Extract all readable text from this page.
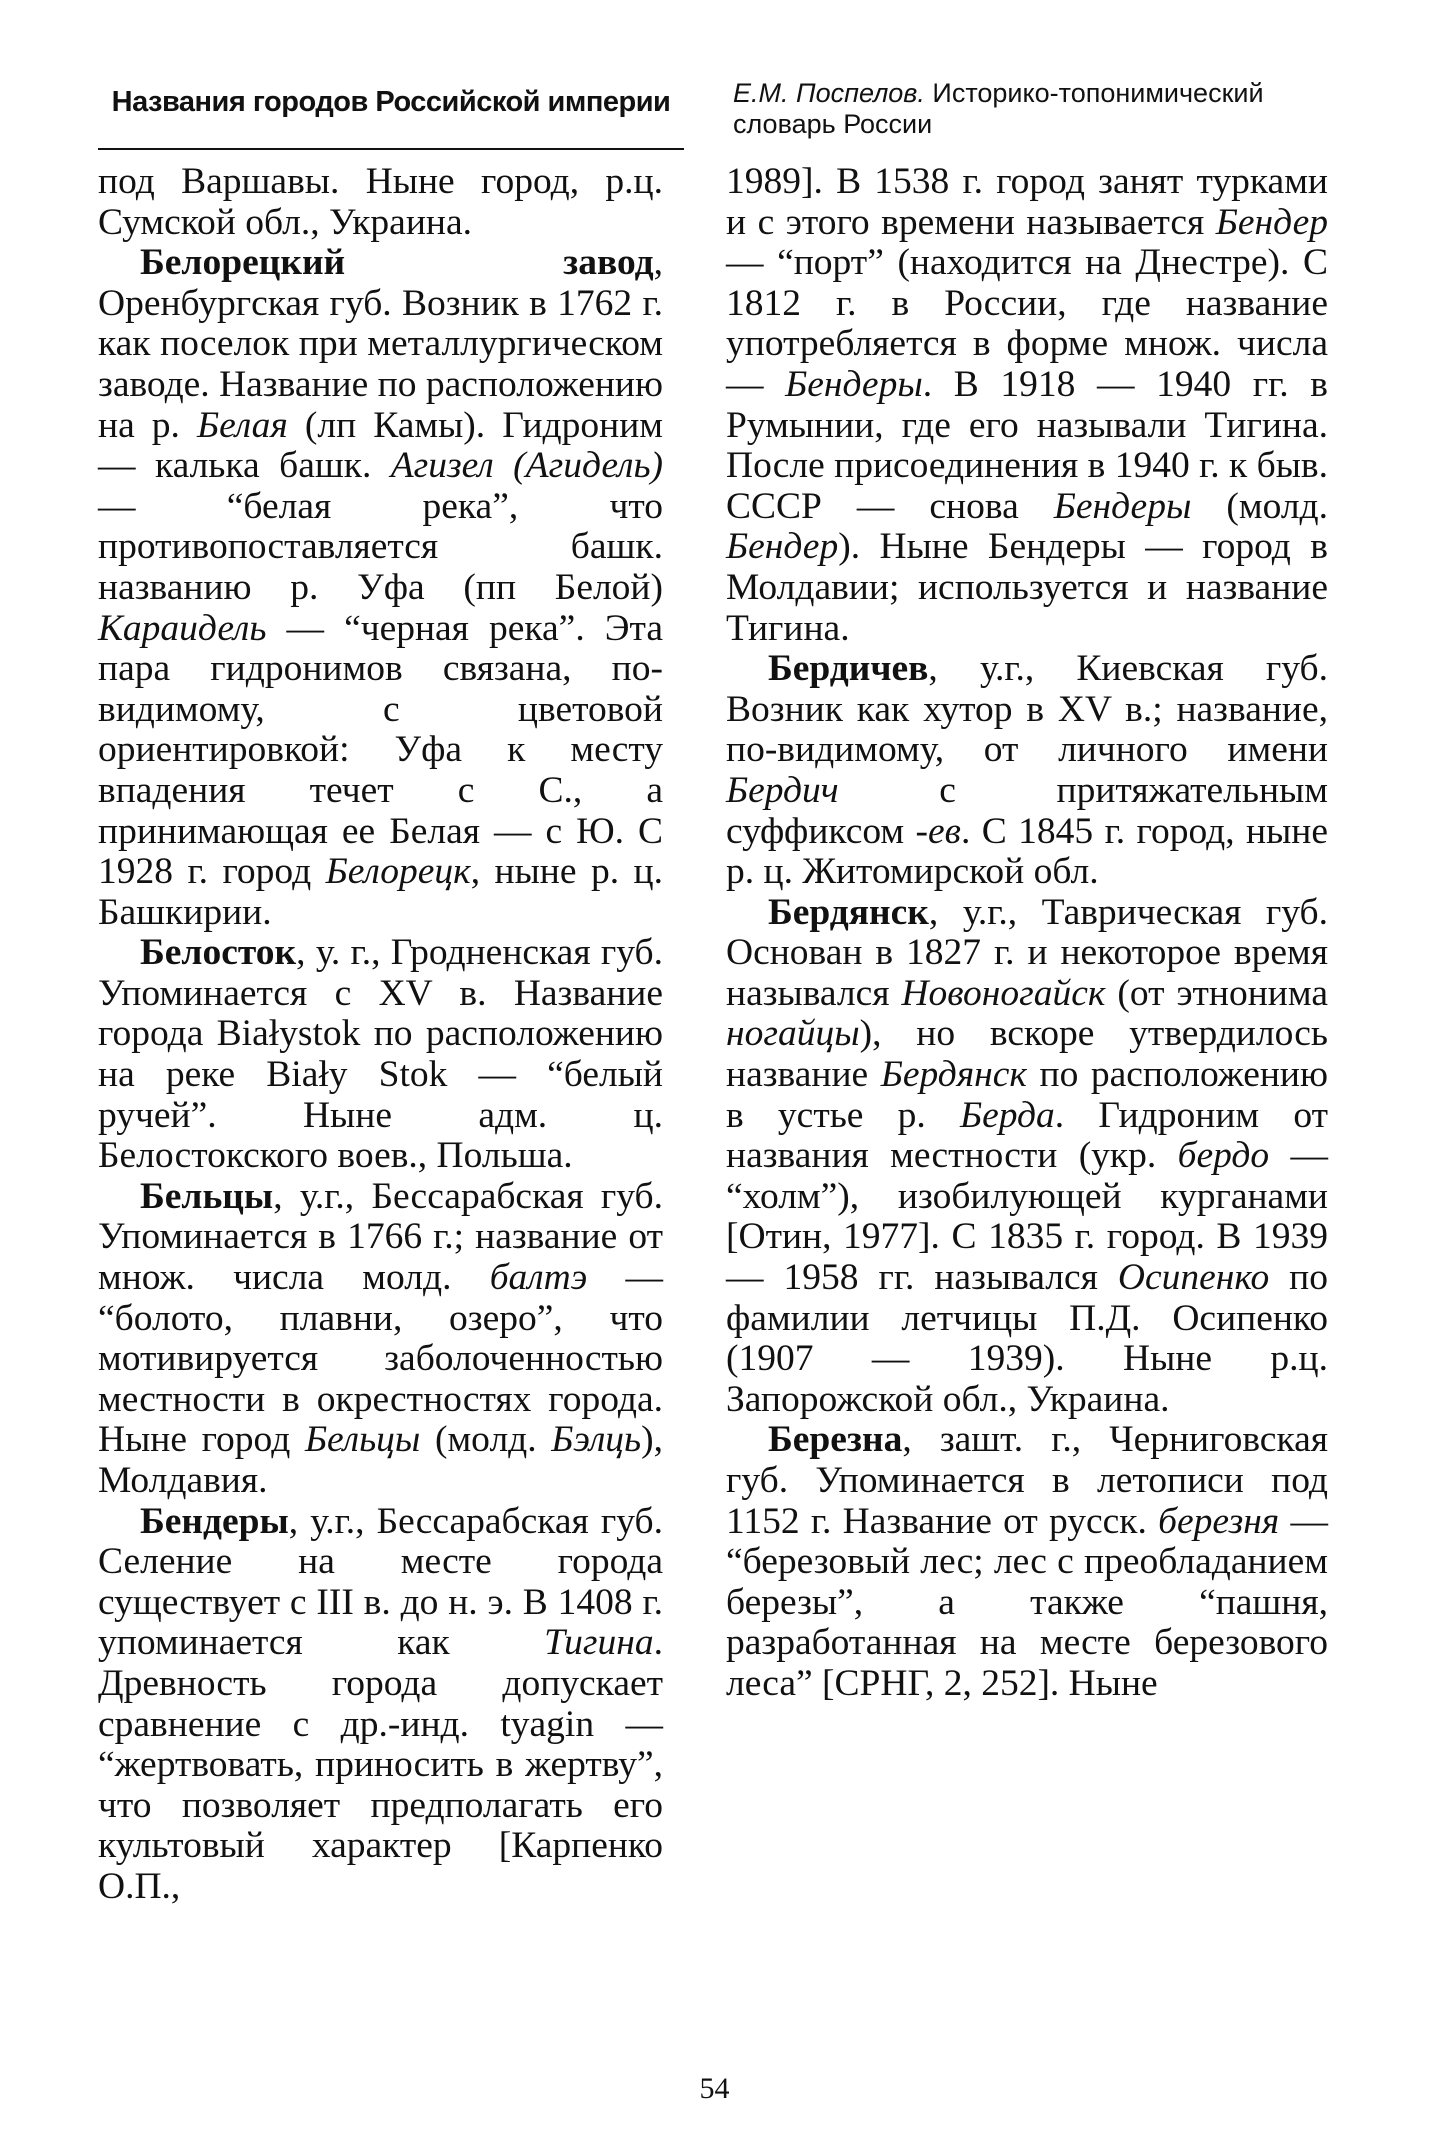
Названия городов Российской империи	Е.М. Поспелов. Историко-топонимический словарь России

под Варшавы. Ныне город, р.ц. Сумской обл., Украина.

Белорецкий завод, Оренбургская губ. Возник в 1762 г. как поселок при металлургическом заводе. Название по расположению на р. Белая (лп Камы). Гидроним — калька башк. Агизел (Агидель) — “белая река”, что противопоставляется башк. названию р. Уфа (пп Белой) Караидель — “черная река”. Эта пара гидронимов связана, по-видимому, с цветовой ориентировкой: Уфа к месту впадения течет с С., а принимающая ее Белая — с Ю. С 1928 г. город Белорецк, ныне р. ц. Башкирии.

Белосток, у. г., Гродненская губ. Упоминается с XV в. Название города Białystok по расположению на реке Biały Stok — “белый ручей”. Ныне адм. ц. Белостокского воев., Польша.

Бельцы, у.г., Бессарабская губ. Упоминается в 1766 г.; название от множ. числа молд. балтэ — “болото, плавни, озеро”, что мотивируется заболоченностью местности в окрестностях города. Ныне город Бельцы (молд. Бэлць), Молдавия.

Бендеры, у.г., Бессарабская губ. Селение на месте города существует с III в. до н. э. В 1408 г. упоминается как Тигина. Древность города допускает сравнение с др.-инд. tyagin — “жертвовать, приносить в жертву”, что позволяет предполагать его культовый характер [Карпенко О.П.,

1989]. В 1538 г. город занят турками и с этого времени называется Бендер — “порт” (находится на Днестре). С 1812 г. в России, где название употребляется в форме множ. числа — Бендеры. В 1918 — 1940 гг. в Румынии, где его называли Тигина. После присоединения в 1940 г. к быв. СССР — снова Бендеры (молд. Бендер). Ныне Бендеры — город в Молдавии; используется и название Тигина.

Бердичев, у.г., Киевская губ. Возник как хутор в XV в.; название, по-видимому, от личного имени Бердич с притяжательным суффиксом -ев. С 1845 г. город, ныне р. ц. Житомирской обл.

Бердянск, у.г., Таврическая губ. Основан в 1827 г. и некоторое время назывался Новоногайск (от этнонима ногайцы), но вскоре утвердилось название Бердянск по расположению в устье р. Берда. Гидроним от названия местности (укр. бердо — “холм”), изобилующей курганами [Отин, 1977]. С 1835 г. город. В 1939 — 1958 гг. назывался Осипенко по фамилии летчицы П.Д. Осипенко (1907 — 1939). Ныне р.ц. Запорожской обл., Украина.

Березна, зашт. г., Черниговская губ. Упоминается в летописи под 1152 г. Название от русск. березня — “березовый лес; лес с преобладанием березы”, а также “пашня, разработанная на месте березового леса” [СРНГ, 2, 252]. Ныне

54
